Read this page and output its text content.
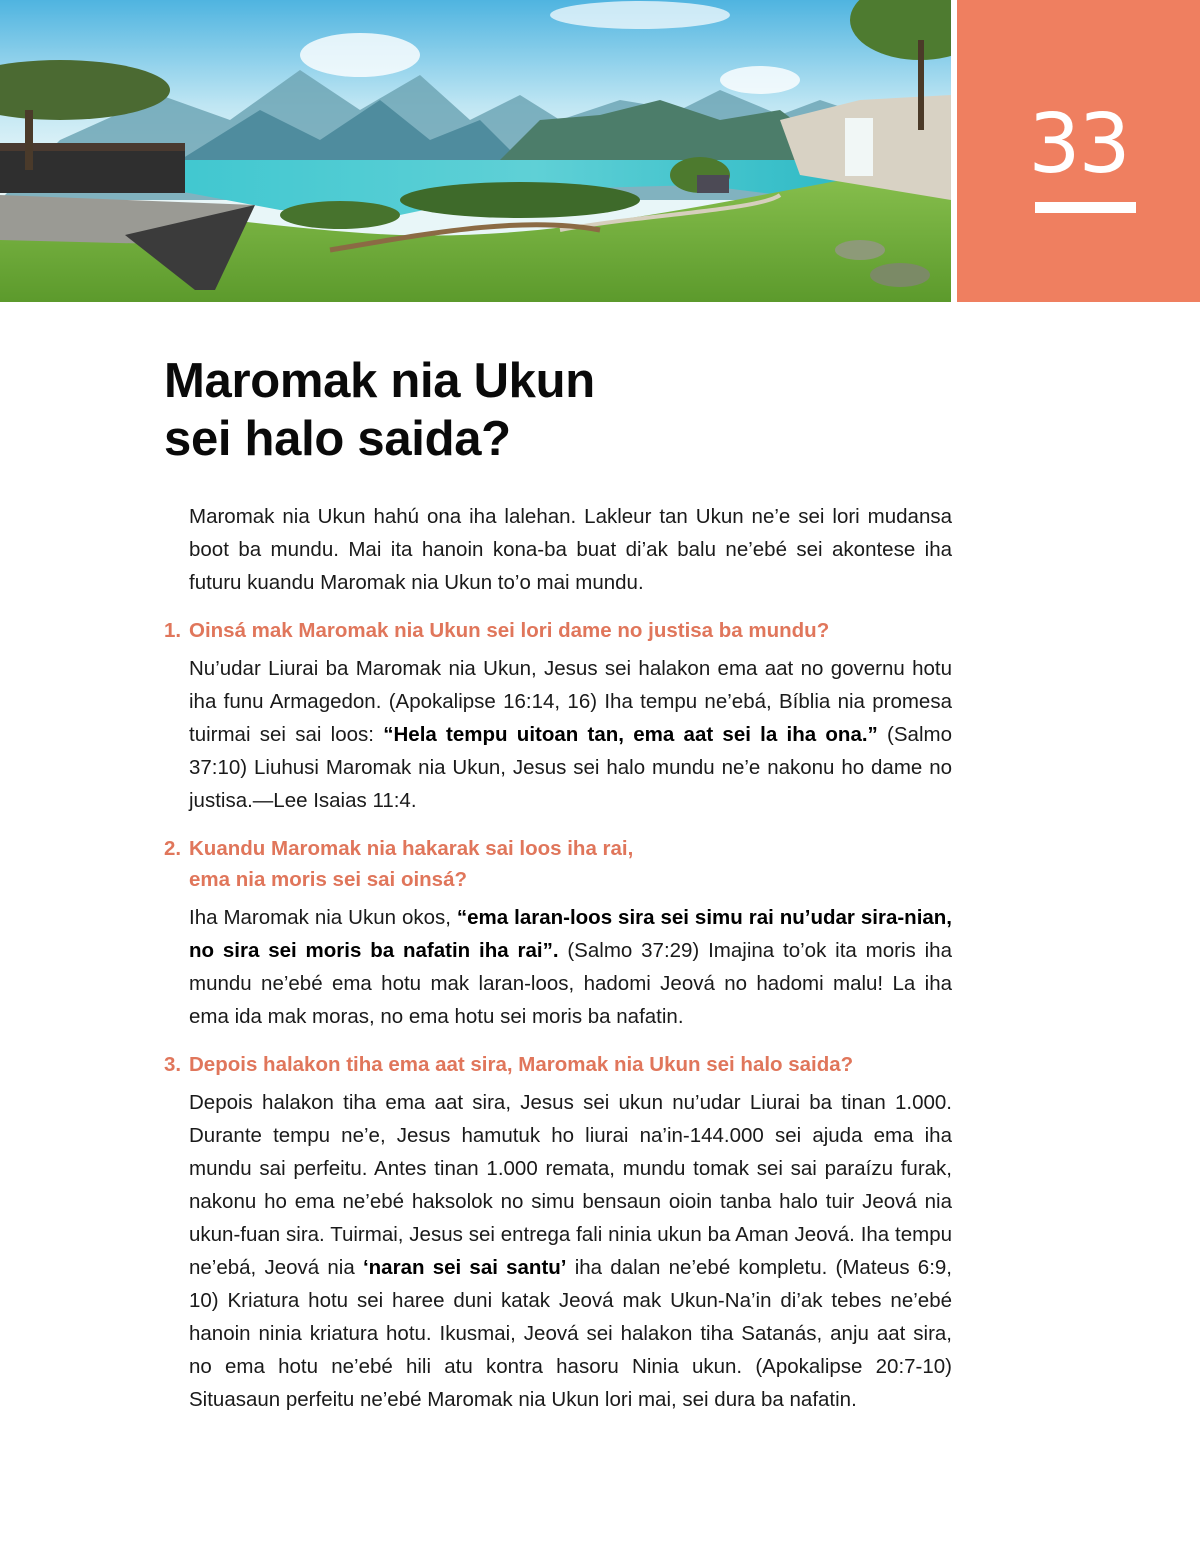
33
Maromak nia Ukun
sei halo saida?

Maromak nia Ukun hahú ona iha lalehan. Lakleur tan Ukun ne’e sei lori mudansa boot ba mundu. Mai ita hanoin kona-ba buat di’ak balu ne’ebé sei akontese iha futuru kuandu Maromak nia Ukun to’o mai mundu.

1. Oinsá mak Maromak nia Ukun sei lori dame no justisa ba mundu?

Nu’udar Liurai ba Maromak nia Ukun, Jesus sei halakon ema aat no governu hotu iha funu Armagedon. (Apokalipse 16:14, 16) Iha tempu ne’ebá, Bíblia nia promesa tuirmai sei sai loos: “Hela tempu uitoan tan, ema aat sei la iha ona.” (Salmo 37:10) Liuhusi Maromak nia Ukun, Jesus sei halo mundu ne’e nakonu ho dame no justisa.—Lee Isaias 11:4.

2. Kuandu Maromak nia hakarak sai loos iha rai,
ema nia moris sei sai oinsá?

Iha Maromak nia Ukun okos, “ema laran-loos sira sei simu rai nu’udar sira-nian, no sira sei moris ba nafatin iha rai”. (Salmo 37:29) Imajina to’ok ita moris iha mundu ne’ebé ema hotu mak laran-loos, hadomi Jeová no hadomi malu! La iha ema ida mak moras, no ema hotu sei moris ba nafatin.

3. Depois halakon tiha ema aat sira, Maromak nia Ukun sei halo saida?

Depois halakon tiha ema aat sira, Jesus sei ukun nu’udar Liurai ba tinan 1.000. Durante tempu ne’e, Jesus hamutuk ho liurai na’in-144.000 sei ajuda ema iha mundu sai perfeitu. Antes tinan 1.000 remata, mundu tomak sei sai paraízu furak, nakonu ho ema ne’ebé haksolok no simu bensaun oioin tanba halo tuir Jeová nia ukun-fuan sira. Tuirmai, Jesus sei entrega fali ninia ukun ba Aman Jeová. Iha tempu ne’ebá, Jeová nia ‘naran sei sai santu’ iha dalan ne’ebé kompletu. (Mateus 6:9, 10) Kriatura hotu sei haree duni katak Jeová mak Ukun-Na’in di’ak tebes ne’ebé hanoin ninia kriatura hotu. Ikusmai, Jeová sei halakon tiha Satanás, anju aat sira, no ema hotu ne’ebé hili atu kontra hasoru Ninia ukun. (Apokalipse 20:7-10) Situasaun perfeitu ne’ebé Maromak nia Ukun lori mai, sei dura ba nafatin.
